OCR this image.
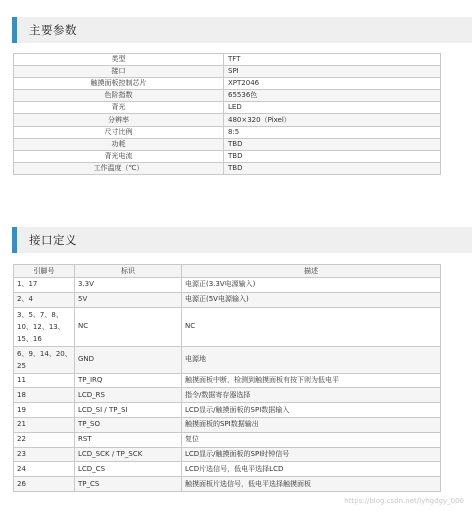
主要参数
类型	TFT
接口	SPI
触摸面板控制芯片	XPT2046
色阶指数	65536色
背光	LED
分辨率	480×320（Pixel）
尺寸比例	8:5
功耗	TBD
背光电流	TBD
工作温度（℃）	TBD
接口定义
引脚号	标识	描述
1、17	3.3V	电源正(3.3V电源输入)
2、4	5V	电源正(5V电源输入)
3、5、7、8、10、12、13、15、16	NC	NC
6、9、14、20、25	GND	电源地
11	TP_IRQ	触摸面板中断，检测到触摸面板有按下则为低电平
18	LCD_RS	指令/数据寄存器选择
19	LCD_SI / TP_SI	LCD显示/触摸面板的SPI数据输入
21	TP_SO	触摸面板的SPI数据输出
22	RST	复位
23	LCD_SCK / TP_SCK	LCD显示/触摸面板的SPI时钟信号
24	LCD_CS	LCD片选信号，低电平选择LCD
26	TP_CS	触摸面板片选信号，低电平选择触摸面板
https://blog.csdn.net/lyhgdgy_000
